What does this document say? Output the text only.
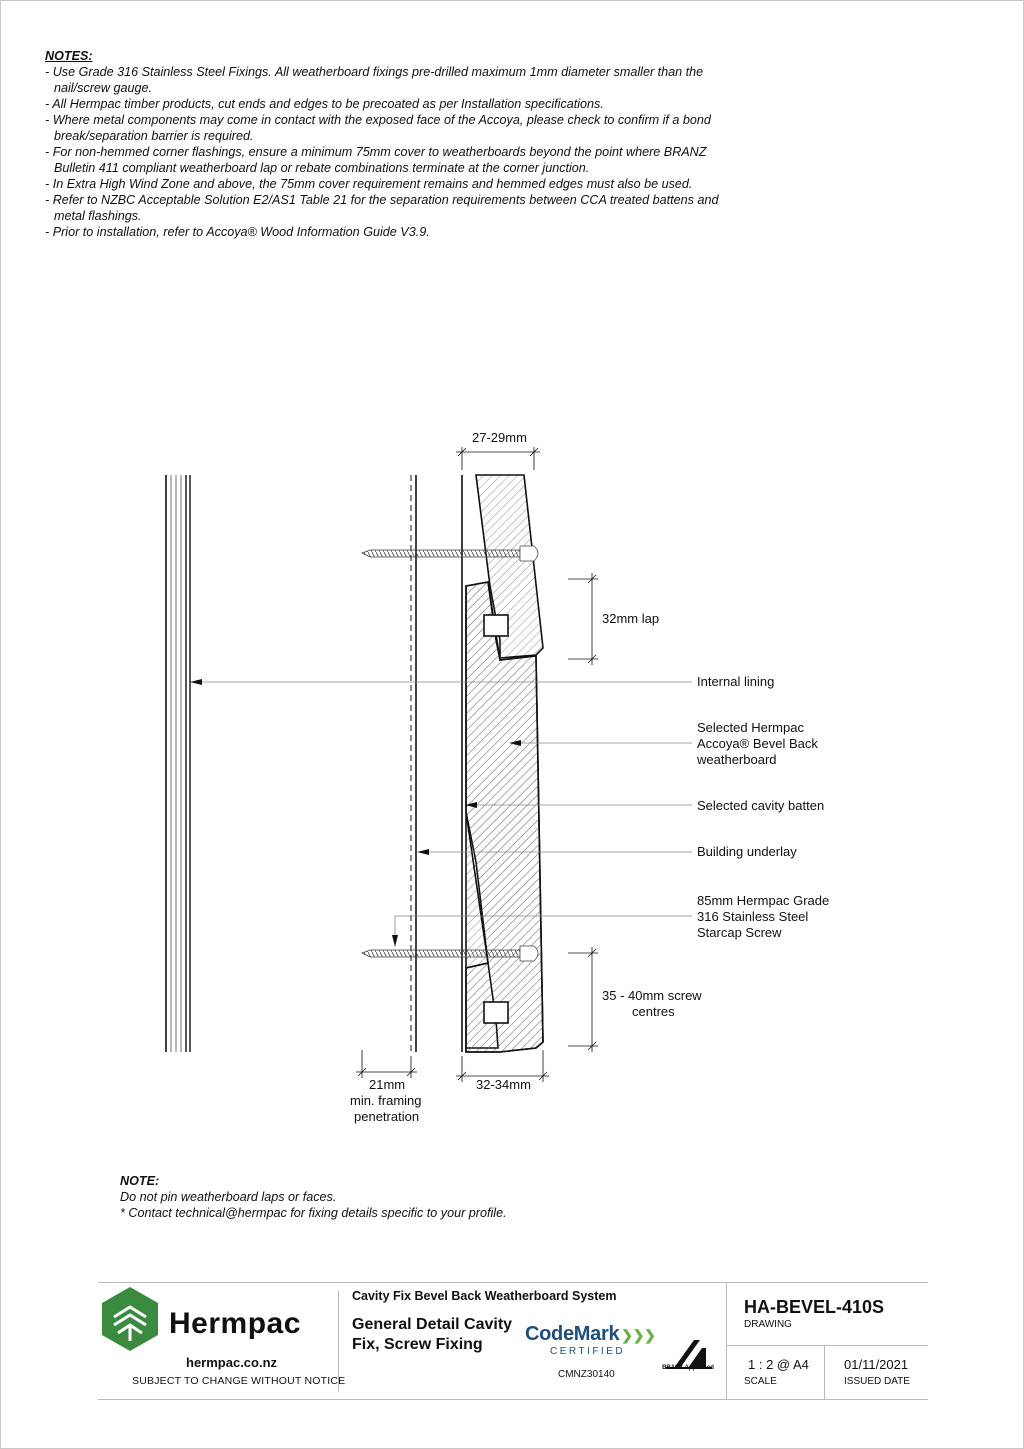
NOTES:
- Use Grade 316 Stainless Steel Fixings. All weatherboard fixings pre-drilled maximum 1mm diameter smaller than the nail/screw gauge.
- All Hermpac timber products, cut ends and edges to be precoated as per Installation specifications.
- Where metal components may come in contact with the exposed face of the Accoya, please check to confirm if a bond break/separation barrier is required.
- For non-hemmed corner flashings, ensure a minimum 75mm cover to weatherboards beyond the point where BRANZ Bulletin 411 compliant weatherboard lap or rebate combinations terminate at the corner junction.
- In Extra High Wind Zone and above, the 75mm cover requirement remains and hemmed edges must also be used.
- Refer to NZBC Acceptable Solution E2/AS1 Table 21 for the separation requirements between CCA treated battens and metal flashings.
- Prior to installation, refer to Accoya® Wood Information Guide V3.9.
27-29mm
32mm lap
35 - 40mm screw
centres
21mm
min. framing
penetration
32-34mm
Internal lining
Selected Hermpac
Accoya® Bevel Back
weatherboard
Selected cavity batten
Building underlay
85mm Hermpac Grade
316 Stainless Steel
Starcap Screw
NOTE:
Do not pin weatherboard laps or faces.
* Contact technical@hermpac for fixing details specific to your profile.
Hermpac
hermpac.co.nz
SUBJECT TO CHANGE WITHOUT NOTICE
Cavity Fix Bevel Back Weatherboard System
General Detail Cavity Fix, Screw Fixing	CodeMark ❯❯❯
CERTIFIED
CMNZ30140
BRANZ Appraised
HA-BEVEL-410S
DRAWING
1 : 2 @ A4
SCALE
01/11/2021
ISSUED DATE
